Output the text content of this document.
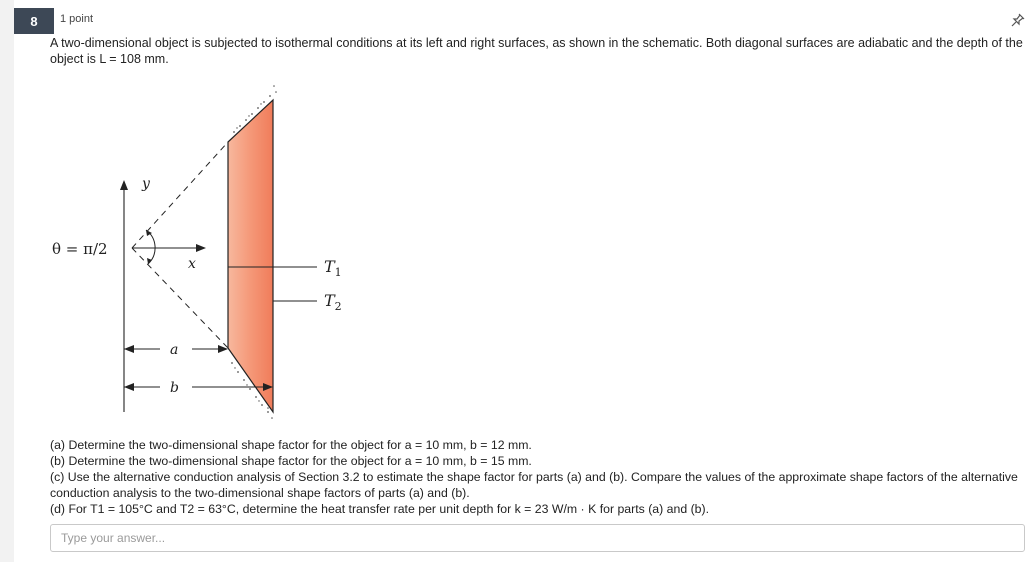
8	1 point
A two-dimensional object is subjected to isothermal conditions at its left and right surfaces, as shown in the schematic. Both diagonal surfaces are adiabatic and the depth of the object is L = 108 mm.
θ = π/2
y
x	$T_1$
$T_2$
a
b
(a) Determine the two-dimensional shape factor for the object for a = 10 mm, b = 12 mm.
(b) Determine the two-dimensional shape factor for the object for a = 10 mm, b = 15 mm.
(c) Use the alternative conduction analysis of Section 3.2 to estimate the shape factor for parts (a) and (b). Compare the values of the approximate shape factors of the alternative conduction analysis to the two-dimensional shape factors of parts (a) and (b).
(d) For T1 = 105°C and T2 = 63°C, determine the heat transfer rate per unit depth for k = 23 W/m · K for parts (a) and (b).
Type your answer...
